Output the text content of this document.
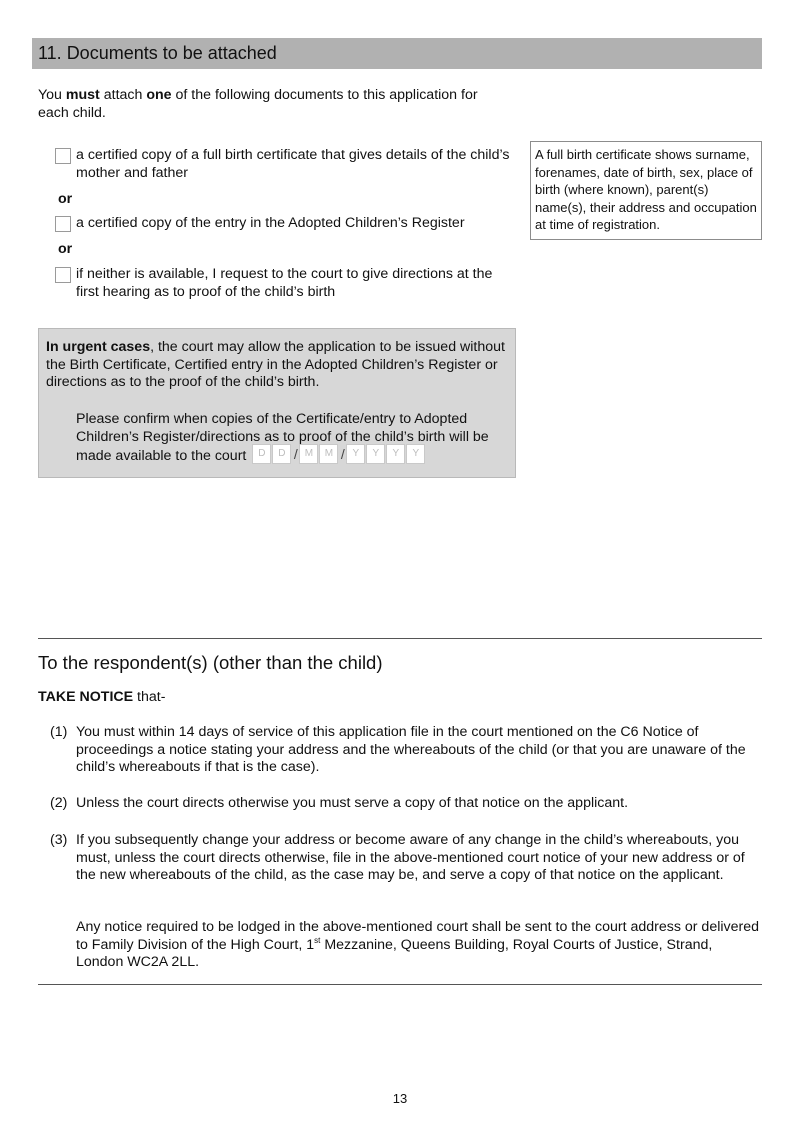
11. Documents to be attached
You must attach one of the following documents to this application for each child.
a certified copy of a full birth certificate that gives details of the child’s mother and father
or
a certified copy of the entry in the Adopted Children’s Register
or
if neither is available, I request to the court to give directions at the first hearing as to proof of the child’s birth
A full birth certificate shows surname, forenames, date of birth, sex, place of birth (where known), parent(s) name(s), their address and occupation at time of registration.
In urgent cases, the court may allow the application to be issued without the Birth Certificate, Certified entry in the Adopted Children’s Register or directions as to the proof of the child’s birth.
Please confirm when copies of the Certificate/entry to Adopted Children’s Register/directions as to proof of the child’s birth will be made available to the court	D	D / M	M / Y	Y	Y	Y
To the respondent(s) (other than the child)
TAKE NOTICE that-
(1) You must within 14 days of service of this application file in the court mentioned on the C6 Notice of proceedings a notice stating your address and the whereabouts of the child (or that you are unaware of the child’s whereabouts if that is the case).
(2) Unless the court directs otherwise you must serve a copy of that notice on the applicant.
(3) If you subsequently change your address or become aware of any change in the child’s whereabouts, you must, unless the court directs otherwise, file in the above-mentioned court notice of your new address or of the new whereabouts of the child, as the case may be, and serve a copy of that notice on the applicant.
Any notice required to be lodged in the above-mentioned court shall be sent to the court address or delivered to Family Division of the High Court, 1st Mezzanine, Queens Building, Royal Courts of Justice, Strand, London WC2A 2LL.
13
